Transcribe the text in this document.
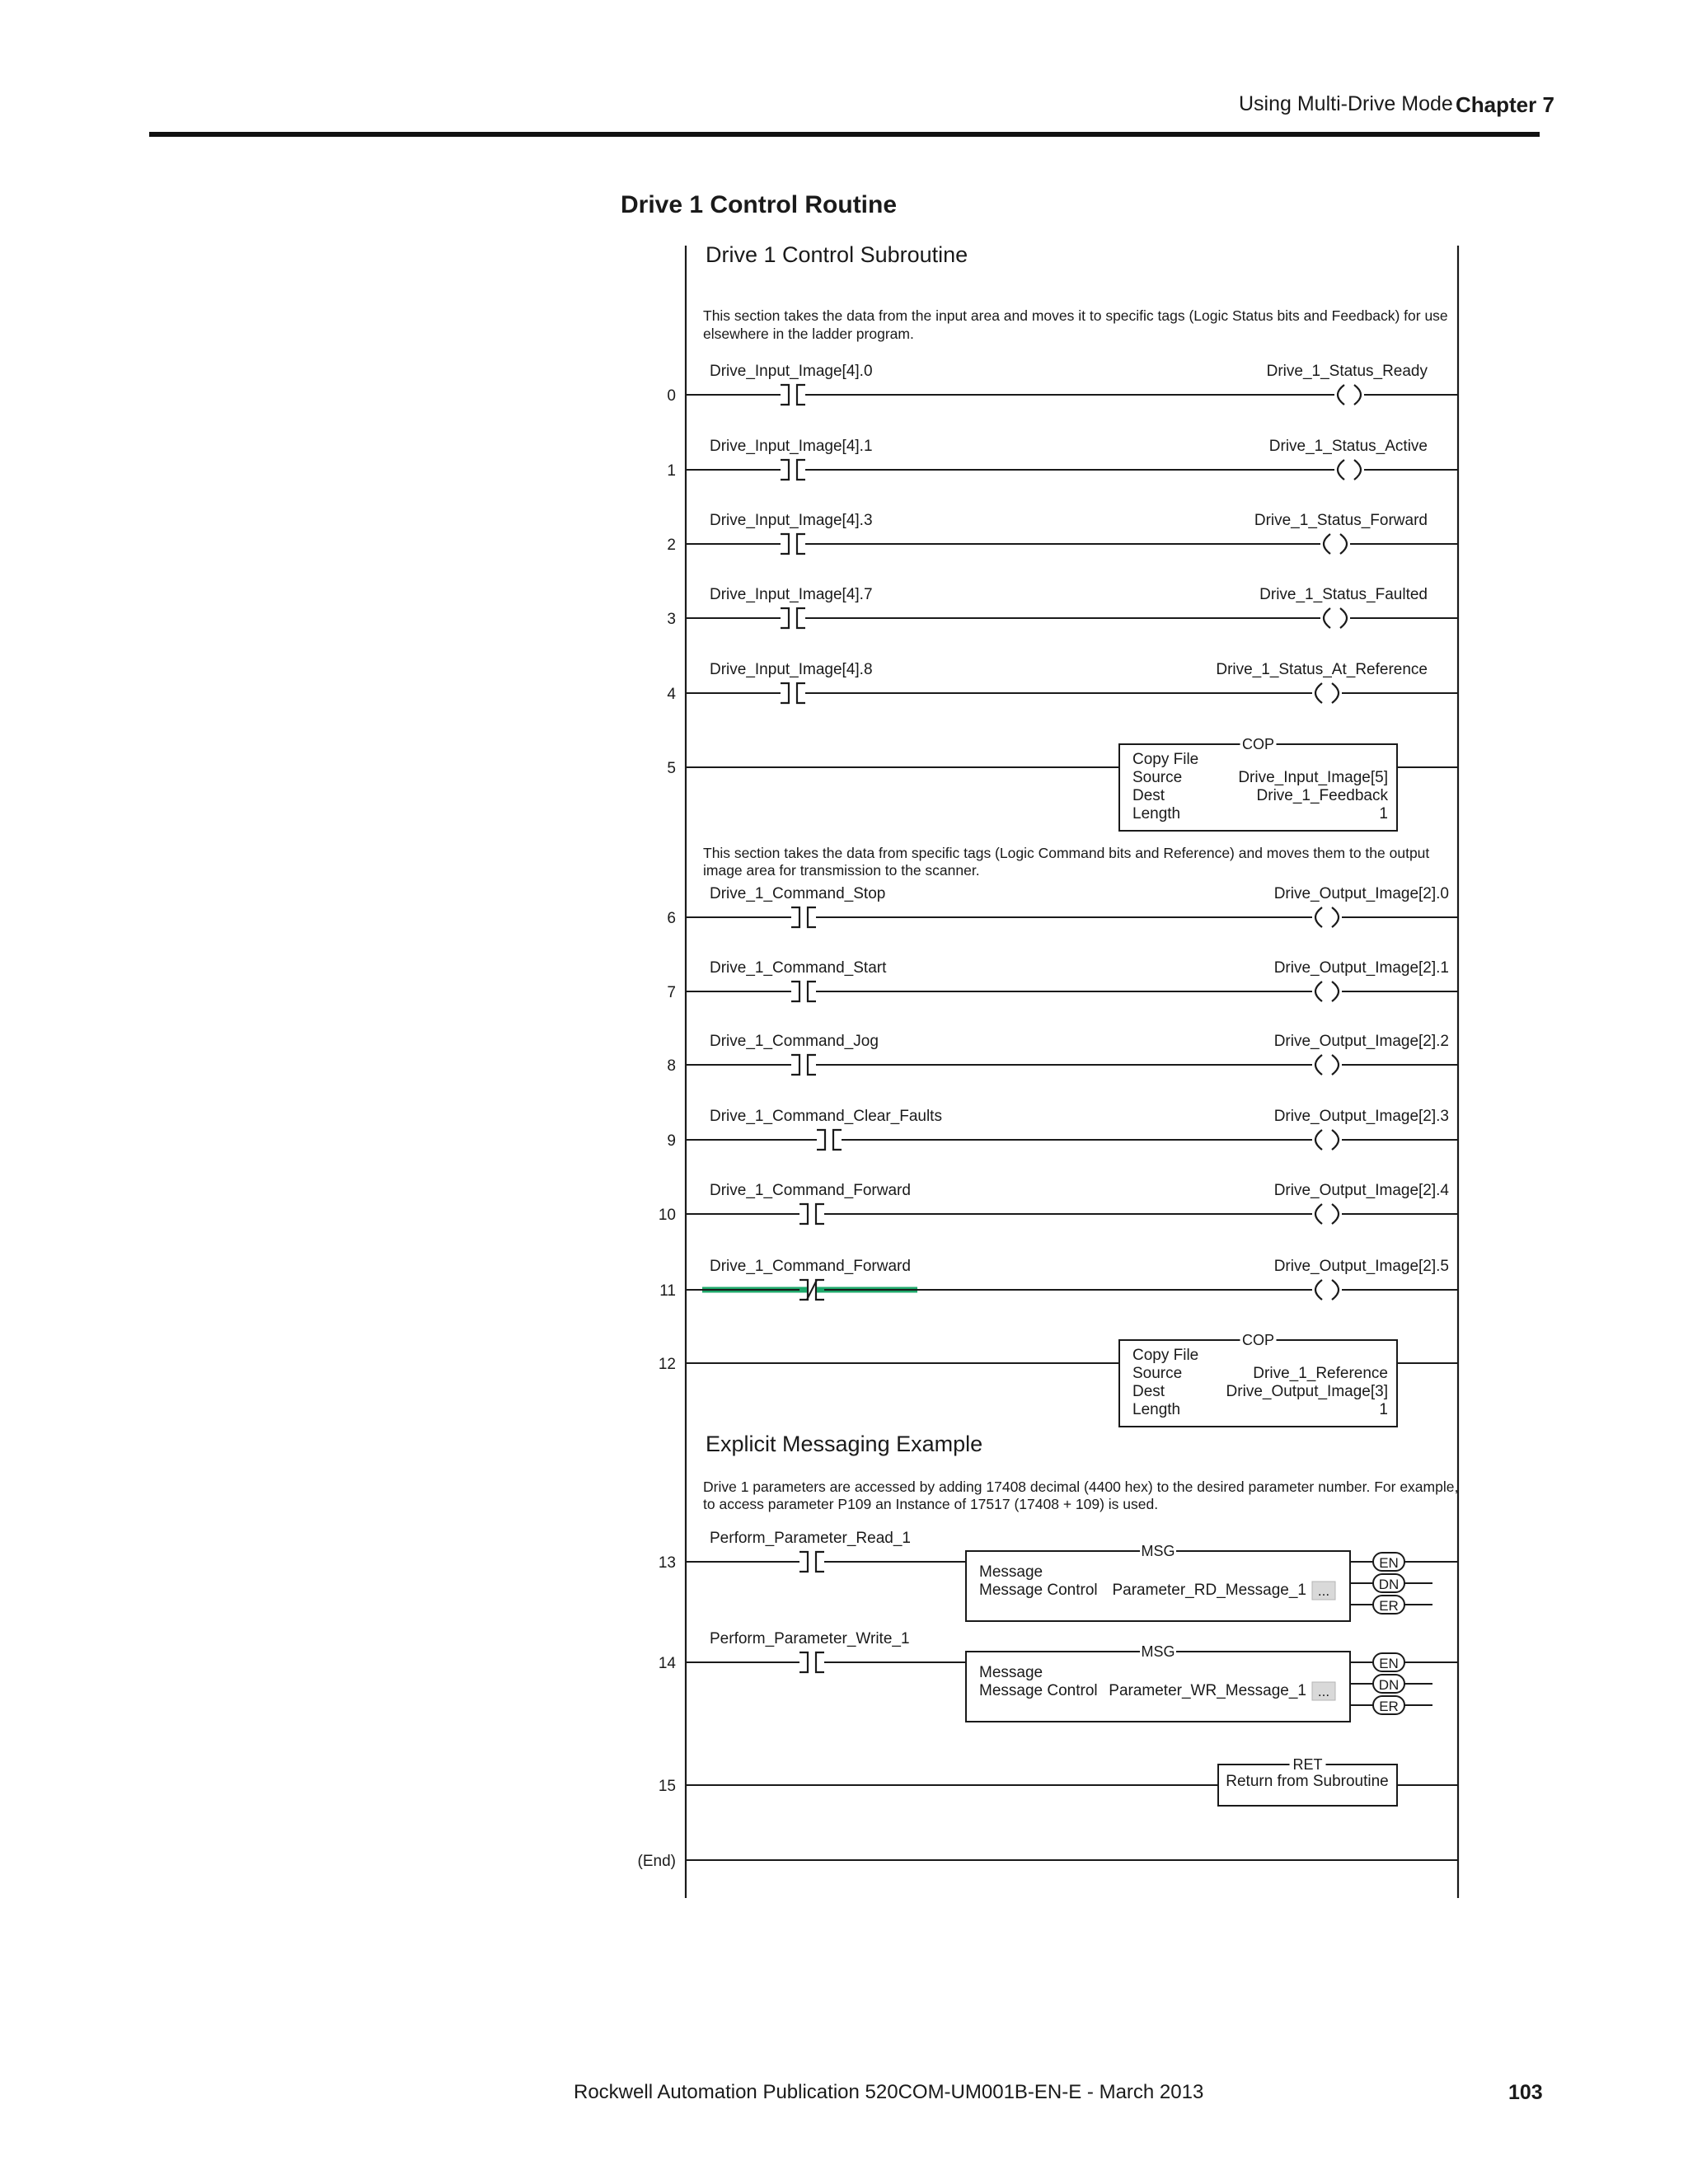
Using Multi-Drive Mode Chapter 7
Drive 1 Control Routine
Drive 1 Control Subroutine
This section takes the data from the input area and moves it to specific tags (Logic Status bits and Feedback) for use
elsewhere in the ladder program.
This section takes the data from specific tags (Logic Command bits and Reference) and moves them to the output
image area for transmission to the scanner.
Explicit Messaging Example
Drive 1 parameters are accessed by adding 17408 decimal (4400 hex) to the desired parameter number. For example,
to access parameter P109 an Instance of 17517 (17408 + 109) is used.
0
Drive_Input_Image[4].0	Drive_1_Status_Ready
1
Drive_Input_Image[4].1	Drive_1_Status_Active
2
Drive_Input_Image[4].3	Drive_1_Status_Forward
3
Drive_Input_Image[4].7	Drive_1_Status_Faulted
4
Drive_Input_Image[4].8	Drive_1_Status_At_Reference
5
COP
Copy File
Source	Drive_Input_Image[5]
Dest	Drive_1_Feedback
Length	1
6
Drive_1_Command_Stop	Drive_Output_Image[2].0
7
Drive_1_Command_Start	Drive_Output_Image[2].1
8
Drive_1_Command_Jog	Drive_Output_Image[2].2
9
Drive_1_Command_Clear_Faults	Drive_Output_Image[2].3
10
Drive_1_Command_Forward	Drive_Output_Image[2].4
11
Drive_1_Command_Forward	Drive_Output_Image[2].5
12
COP
Copy File
Source	Drive_1_Reference
Dest	Drive_Output_Image[3]
Length	1
13
Perform_Parameter_Read_1
MSG
Message
Message Control Parameter_RD_Message_1 ...
EN
DN
ER
14
Perform_Parameter_Write_1
MSG
Message
Message Control Parameter_WR_Message_1 ...
EN
DN
ER
15
RET
Return from Subroutine
(End)
Rockwell Automation Publication 520COM-UM001B-EN-E - March 2013	103
